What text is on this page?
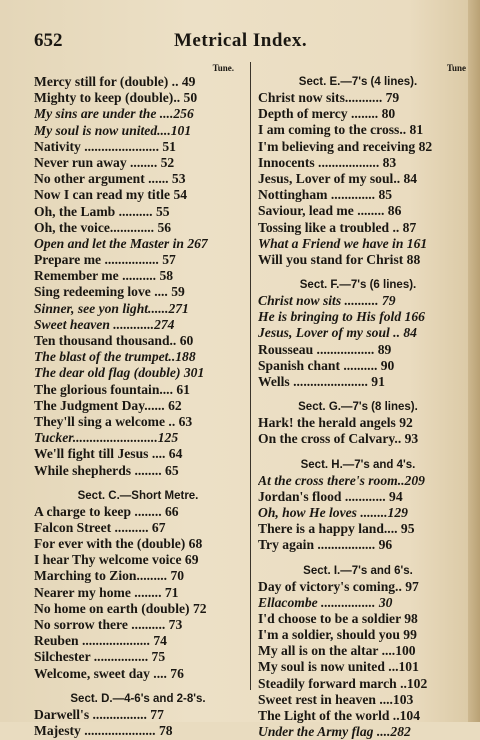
652	Metrical Index.
Tune.
Mercy still for (double) .. 49
Mighty to keep (double).. 50
My sins are under the ....256
My soul is now united....101
Nativity ...................... 51
Never run away ........ 52
No other argument ...... 53
Now I can read my title 54
Oh, the Lamb .......... 55
Oh, the voice............. 56
Open and let the Master in 267
Prepare me ................ 57
Remember me .......... 58
Sing redeeming love .... 59
Sinner, see yon light......271
Sweet heaven ............274
Ten thousand thousand.. 60
The blast of the trumpet..188
The dear old flag (double) 301
The glorious fountain.... 61
The Judgment Day...... 62
They'll sing a welcome .. 63
Tucker.........................125
We'll fight till Jesus .... 64
While shepherds ........ 65
Sect. C.—Short Metre.
A charge to keep ........ 66
Falcon Street .......... 67
For ever with the (double) 68
I hear Thy welcome voice 69
Marching to Zion......... 70
Nearer my home ........ 71
No home on earth (double) 72
No sorrow there .......... 73
Reuben .................... 74
Silchester ................ 75
Welcome, sweet day .... 76
Sect. D.—4-6's and 2-8's.
Darwell's ................ 77
Majesty ..................... 78
Tune
Sect. E.—7's (4 lines).
Christ now sits........... 79
Depth of mercy ........ 80
I am coming to the cross.. 81
I'm believing and receiving 82
Innocents .................. 83
Jesus, Lover of my soul.. 84
Nottingham ............. 85
Saviour, lead me ........ 86
Tossing like a troubled .. 87
What a Friend we have in 161
Will you stand for Christ 88
Sect. F.—7's (6 lines).
Christ now sits .......... 79
He is bringing to His fold 166
Jesus, Lover of my soul .. 84
Rousseau ................. 89
Spanish chant .......... 90
Wells ...................... 91
Sect. G.—7's (8 lines).
Hark! the herald angels 92
On the cross of Calvary.. 93
Sect. H.—7's and 4's.
At the cross there's room..209
Jordan's flood ............ 94
Oh, how He loves ........129
There is a happy land.... 95
Try again ................. 96
Sect. I.—7's and 6's.
Day of victory's coming.. 97
Ellacombe ................ 30
I'd choose to be a soldier 98
I'm a soldier, should you 99
My all is on the altar ....100
My soul is now united ...101
Steadily forward march ..102
Sweet rest in heaven ....103
The Light of the world ..104
Under the Army flag ....282
